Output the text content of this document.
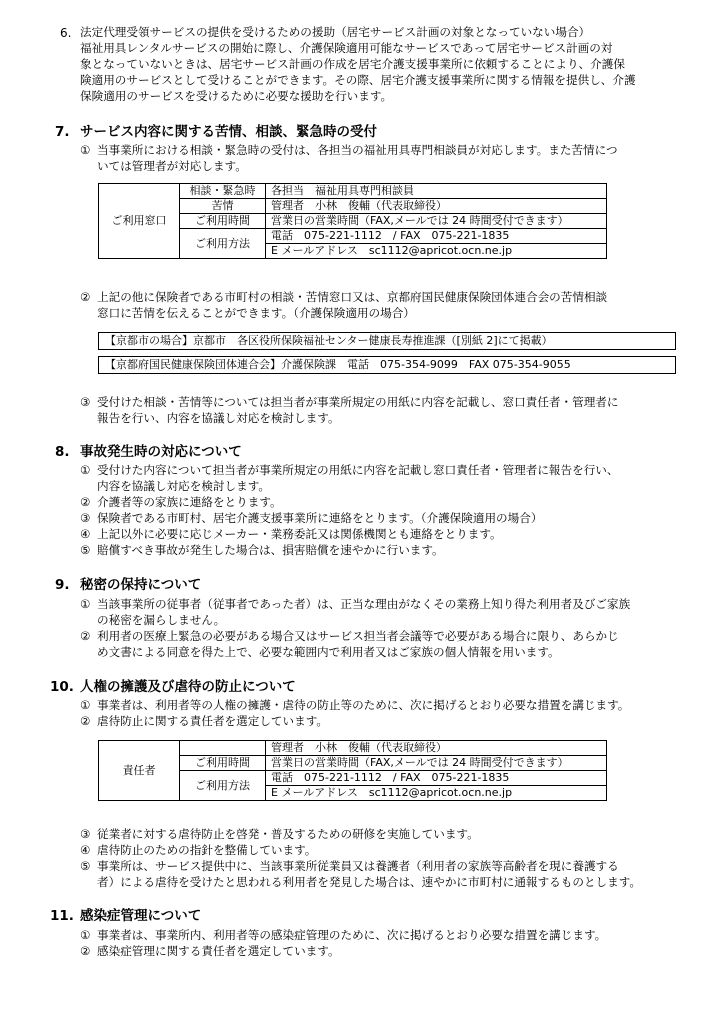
6. 法定代理受領サービスの提供を受けるための援助（居宅サービス計画の対象となっていない場合）
福祉用具レンタルサービスの開始に際し、介護保険適用可能なサービスであって居宅サービス計画の対
象となっていないときは、居宅サービス計画の作成を居宅介護支援事業所に依頼することにより、介護保
険適用のサービスとして受けることができます。その際、居宅介護支援事業所に関する情報を提供し、介護
保険適用のサービスを受けるために必要な援助を行います。
7. サービス内容に関する苦情、相談、緊急時の受付
① 当事業所における相談・緊急時の受付は、各担当の福祉用具専門相談員が対応します。また苦情につ
いては管理者が対応します。
ご利用窓口	相談・緊急時	各担当　福祉用具専門相談員
	苦情	管理者　小林　俊輔（代表取締役）
	ご利用時間	営業日の営業時間（FAX,メールでは 24 時間受付できます）
	ご利用方法	電話　075-221-1112　/ FAX　075-221-1835
		E メールアドレス　sc1112@apricot.ocn.ne.jp
② 上記の他に保険者である市町村の相談・苦情窓口又は、京都府国民健康保険団体連合会の苦情相談
窓口に苦情を伝えることができます。（介護保険適用の場合）
【京都市の場合】京都市　各区役所保険福祉センター健康長寿推進課（[別紙 2]にて掲載）
【京都府国民健康保険団体連合会】介護保険課　電話　075-354-9099　FAX 075-354-9055
③ 受付けた相談・苦情等については担当者が事業所規定の用紙に内容を記載し、窓口責任者・管理者に
報告を行い、内容を協議し対応を検討します。
8. 事故発生時の対応について
① 受付けた内容について担当者が事業所規定の用紙に内容を記載し窓口責任者・管理者に報告を行い、
内容を協議し対応を検討します。
② 介護者等の家族に連絡をとります。
③ 保険者である市町村、居宅介護支援事業所に連絡をとります。（介護保険適用の場合）
④ 上記以外に必要に応じメーカー・業務委託又は関係機関とも連絡をとります。
⑤ 賠償すべき事故が発生した場合は、損害賠償を速やかに行います。
9. 秘密の保持について
① 当該事業所の従事者（従事者であった者）は、正当な理由がなくその業務上知り得た利用者及びご家族
の秘密を漏らしません。
② 利用者の医療上緊急の必要がある場合又はサービス担当者会議等で必要がある場合に限り、あらかじ
め文書による同意を得た上で、必要な範囲内で利用者又はご家族の個人情報を用います。
10. 人権の擁護及び虐待の防止について
① 事業者は、利用者等の人権の擁護・虐待の防止等のために、次に掲げるとおり必要な措置を講じます。
② 虐待防止に関する責任者を選定しています。
責任者		管理者　小林　俊輔（代表取締役）
	ご利用時間	営業日の営業時間（FAX,メールでは 24 時間受付できます）
	ご利用方法	電話　075-221-1112　/ FAX　075-221-1835
		E メールアドレス　sc1112@apricot.ocn.ne.jp
③ 従業者に対する虐待防止を啓発・普及するための研修を実施しています。
④ 虐待防止のための指針を整備しています。
⑤ 事業所は、サービス提供中に、当該事業所従業員又は養護者（利用者の家族等高齢者を現に養護する
者）による虐待を受けたと思われる利用者を発見した場合は、速やかに市町村に通報するものとします。
11. 感染症管理について
① 事業者は、事業所内、利用者等の感染症管理のために、次に掲げるとおり必要な措置を講じます。
② 感染症管理に関する責任者を選定しています。
